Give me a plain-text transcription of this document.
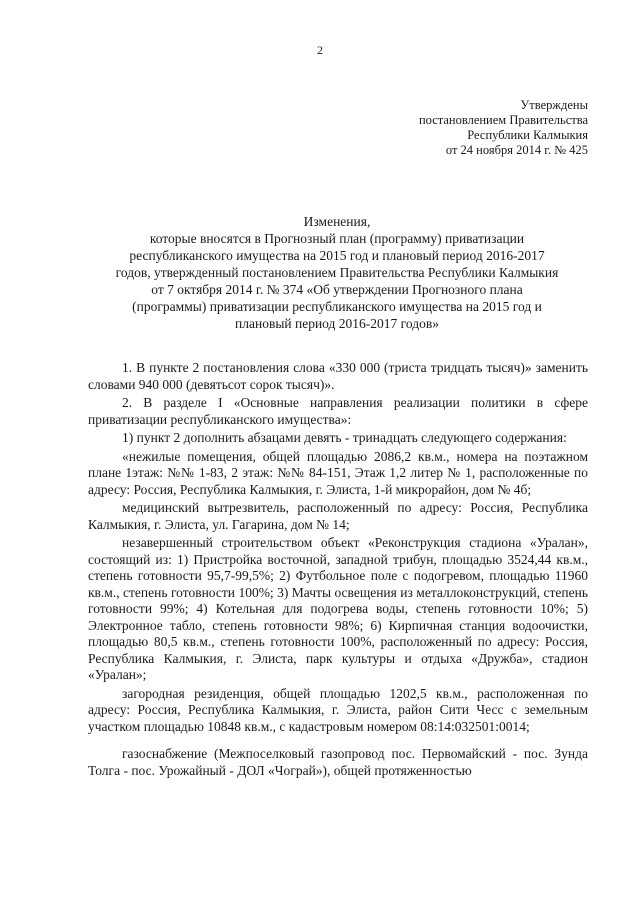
2
Утверждены
постановлением Правительства
Республики Калмыкия
от 24 ноября 2014 г. № 425
Изменения,
которые вносятся в Прогнозный план (программу) приватизации
республиканского имущества на 2015 год и плановый период 2016-2017
годов, утвержденный постановлением Правительства Республики Калмыкия
от 7 октября 2014 г. № 374 «Об утверждении Прогнозного плана
(программы) приватизации республиканского имущества на 2015 год и
плановый период 2016-2017 годов»

1. В пункте 2 постановления слова «330 000 (триста тридцать тысяч)» заменить словами 940 000 (девятьсот сорок тысяч)».

2. В разделе I «Основные направления реализации политики в сфере приватизации республиканского имущества»:

1) пункт 2 дополнить абзацами девять - тринадцать следующего содержания:

«нежилые помещения, общей площадью 2086,2 кв.м., номера на поэтажном плане 1этаж: №№ 1-83, 2 этаж: №№ 84-151, Этаж 1,2 литер № 1, расположенные по адресу: Россия, Республика Калмыкия, г. Элиста, 1-й микрорайон, дом № 4б;

медицинский вытрезвитель, расположенный по адресу: Россия, Республика Калмыкия, г. Элиста, ул. Гагарина, дом № 14;

незавершенный строительством объект «Реконструкция стадиона «Уралан», состоящий из: 1) Пристройка восточной, западной трибун, площадью 3524,44 кв.м., степень готовности 95,7-99,5%; 2) Футбольное поле с подогревом, площадью 11960 кв.м., степень готовности 100%; 3) Мачты освещения из металлоконструкций, степень готовности 99%; 4) Котельная для подогрева воды, степень готовности 10%; 5) Электронное табло, степень готовности 98%; 6) Кирпичная станция водоочистки, площадью 80,5 кв.м., степень готовности 100%, расположенный по адресу: Россия, Республика Калмыкия, г. Элиста, парк культуры и отдыха «Дружба», стадион «Уралан»;

загородная резиденция, общей площадью 1202,5 кв.м., расположенная по адресу: Россия, Республика Калмыкия, г. Элиста, район Сити Чесс с земельным участком площадью 10848 кв.м., с кадастровым номером 08:14:032501:0014;

газоснабжение (Межпоселковый газопровод пос. Первомайский - пос. Зунда Толга - пос. Урожайный - ДОЛ «Чограй»), общей протяженностью
